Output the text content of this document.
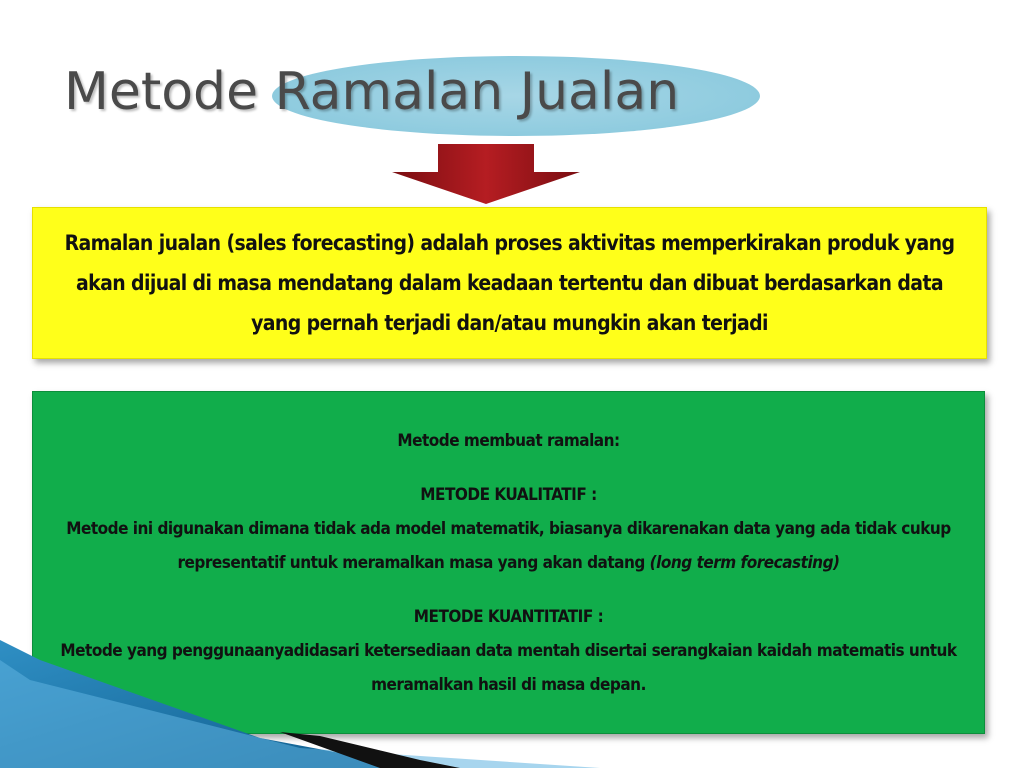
Metode Ramalan Jualan

Ramalan jualan (sales forecasting) adalah proses aktivitas memperkirakan produk yang akan dijual di masa mendatang dalam keadaan tertentu dan dibuat berdasarkan data yang pernah terjadi dan/atau mungkin akan terjadi

Metode membuat ramalan:

METODE KUALITATIF :

Metode ini digunakan dimana tidak ada model matematik, biasanya dikarenakan data yang ada tidak cukup representatif untuk meramalkan masa yang akan datang (long term forecasting)

METODE KUANTITATIF :

Metode yang penggunaanyadidasari ketersediaan data mentah disertai serangkaian kaidah matematis untuk meramalkan hasil di masa depan.
